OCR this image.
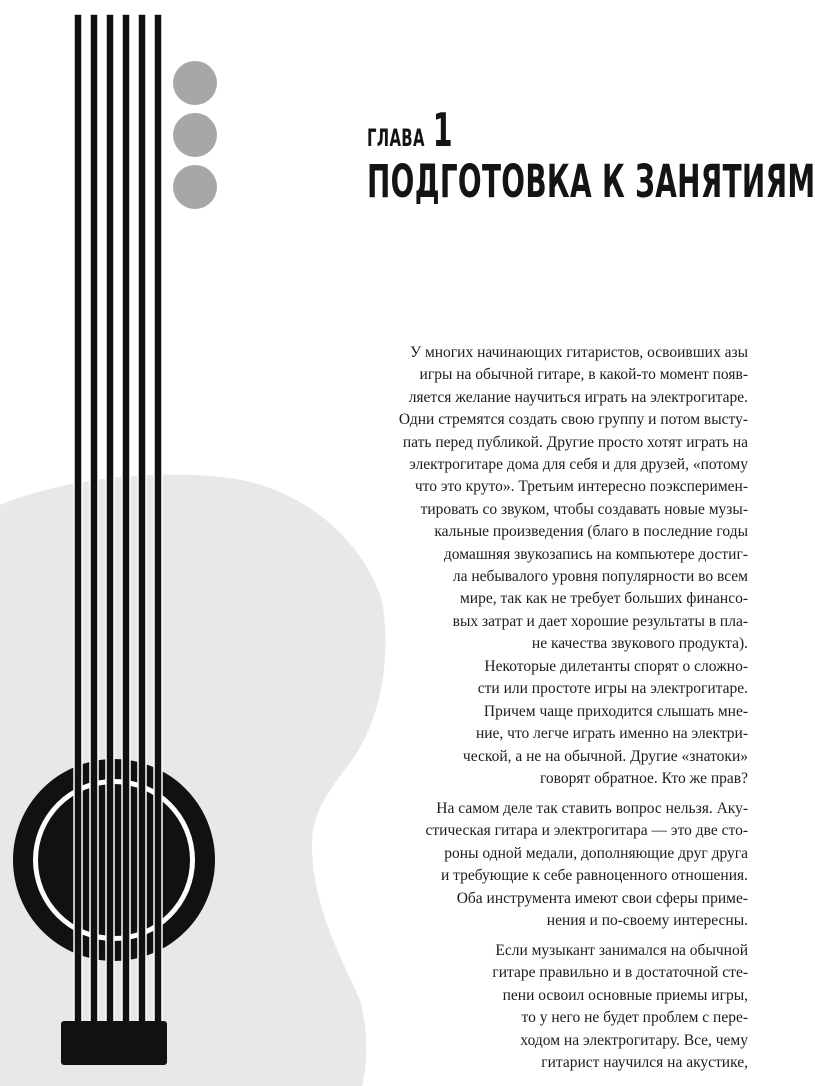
ГЛАВА 1
ПОДГОТОВКА К ЗАНЯТИЯМ
У многих начинающих гитаристов, освоивших азы
игры на обычной гитаре, в какой-то момент появ-
ляется желание научиться играть на электрогитаре.
Одни стремятся создать свою группу и потом высту-
пать перед публикой. Другие просто хотят играть на
электрогитаре дома для себя и для друзей, «потому
что это круто». Третьим интересно поэксперимен-
тировать со звуком, чтобы создавать новые музы-
кальные произведения (благо в последние годы
домашняя звукозапись на компьютере достиг-
ла небывалого уровня популярности во всем
мире, так как не требует больших финансо-
вых затрат и дает хорошие результаты в пла-
не качества звукового продукта).
Некоторые дилетанты спорят о сложно-
сти или простоте игры на электрогитаре.
Причем чаще приходится слышать мне-
ние, что легче играть именно на электри-
ческой, а не на обычной. Другие «знатоки»
говорят обратное. Кто же прав?
На самом деле так ставить вопрос нельзя. Аку-
стическая гитара и электрогитара — это две сто-
роны одной медали, дополняющие друг друга
и требующие к себе равноценного отношения.
Оба инструмента имеют свои сферы приме-
нения и по-своему интересны.
Если музыкант занимался на обычной
гитаре правильно и в достаточной сте-
пени освоил основные приемы игры,
то у него не будет проблем с пере-
ходом на электрогитару. Все, чему
гитарист научился на акустике,
